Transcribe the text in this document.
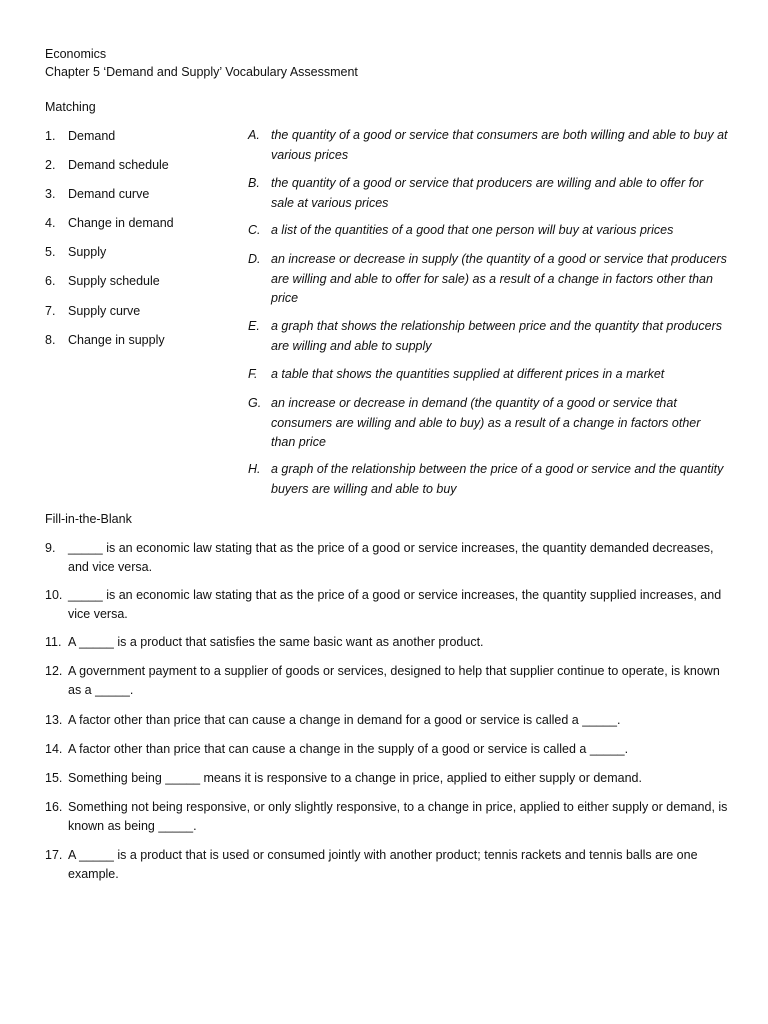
Economics
Chapter 5 ‘Demand and Supply’ Vocabulary Assessment
Matching
1. Demand
2. Demand schedule
3. Demand curve
4. Change in demand
5. Supply
6. Supply schedule
7. Supply curve
8. Change in supply
A. the quantity of a good or service that consumers are both willing and able to buy at various prices
B. the quantity of a good or service that producers are willing and able to offer for sale at various prices
C. a list of the quantities of a good that one person will buy at various prices
D. an increase or decrease in supply (the quantity of a good or service that producers are willing and able to offer for sale) as a result of a change in factors other than price
E. a graph that shows the relationship between price and the quantity that producers are willing and able to supply
F. a table that shows the quantities supplied at different prices in a market
G. an increase or decrease in demand (the quantity of a good or service that consumers are willing and able to buy) as a result of a change in factors other than price
H. a graph of the relationship between the price of a good or service and the quantity buyers are willing and able to buy
Fill-in-the-Blank
9. _____ is an economic law stating that as the price of a good or service increases, the quantity demanded decreases, and vice versa.
10. _____ is an economic law stating that as the price of a good or service increases, the quantity supplied increases, and vice versa.
11. A _____ is a product that satisfies the same basic want as another product.
12. A government payment to a supplier of goods or services, designed to help that supplier continue to operate, is known as a _____.
13. A factor other than price that can cause a change in demand for a good or service is called a _____.
14. A factor other than price that can cause a change in the supply of a good or service is called a _____.
15. Something being _____ means it is responsive to a change in price, applied to either supply or demand.
16. Something not being responsive, or only slightly responsive, to a change in price, applied to either supply or demand, is known as being _____.
17. A _____ is a product that is used or consumed jointly with another product; tennis rackets and tennis balls are one example.
